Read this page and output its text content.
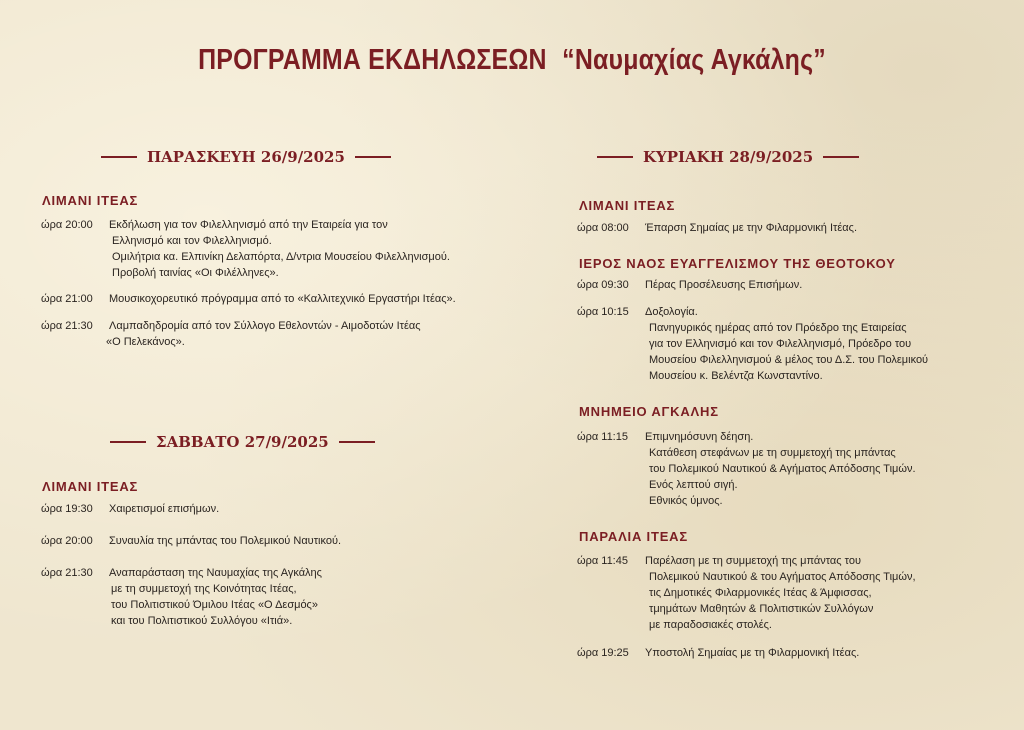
ΠΡΟΓΡΑΜΜΑ ΕΚΔΗΛΩΣΕΩΝ “Ναυμαχίας Αγκάλης”
ΠΑΡΑΣΚΕΥΗ 26/9/2025
ΛΙΜΑΝΙ ΙΤΕΑΣ
ώρα 20:00	Εκδήλωση για τον Φιλελληνισμό από την Εταιρεία για τον
Ελληνισμό και τον Φιλελληνισμό.
Ομιλήτρια κα. Ελπινίκη Δελαπόρτα, Δ/ντρια Μουσείου Φιλελληνισμού.
Προβολή ταινίας «Οι Φιλέλληνες».
ώρα 21:00	Μουσικοχορευτικό πρόγραμμα από το «Καλλιτεχνικό Εργαστήρι Ιτέας».
ώρα 21:30	Λαμπαδηδρομία από τον Σύλλογο Εθελοντών - Αιμοδοτών Ιτέας
«Ο Πελεκάνος».
ΣΑΒΒΑΤΟ 27/9/2025
ΛΙΜΑΝΙ ΙΤΕΑΣ
ώρα 19:30	Χαιρετισμοί επισήμων.
ώρα 20:00	Συναυλία της μπάντας του Πολεμικού Ναυτικού.
ώρα 21:30	Αναπαράσταση της Ναυμαχίας της Αγκάλης
με τη συμμετοχή της Κοινότητας Ιτέας,
του Πολιτιστικού Όμιλου Ιτέας «Ο Δεσμός»
και του Πολιτιστικού Συλλόγου «Ιτιά».
ΚΥΡΙΑΚΗ 28/9/2025
ΛΙΜΑΝΙ ΙΤΕΑΣ
ώρα 08:00	Έπαρση Σημαίας με την Φιλαρμονική Ιτέας.
ΙΕΡΟΣ ΝΑΟΣ ΕΥΑΓΓΕΛΙΣΜΟΥ ΤΗΣ ΘΕΟΤΟΚΟΥ
ώρα 09:30	Πέρας Προσέλευσης Επισήμων.
ώρα 10:15	Δοξολογία.
Πανηγυρικός ημέρας από τον Πρόεδρο της Εταιρείας
για τον Ελληνισμό και τον Φιλελληνισμό, Πρόεδρο του
Μουσείου Φιλελληνισμού & μέλος του Δ.Σ. του Πολεμικού
Μουσείου κ. Βελέντζα Κωνσταντίνο.
ΜΝΗΜΕΙΟ ΑΓΚΑΛΗΣ
ώρα 11:15	Επιμνημόσυνη δέηση.
Κατάθεση στεφάνων με τη συμμετοχή της μπάντας
του Πολεμικού Ναυτικού & Αγήματος Απόδοσης Τιμών.
Ενός λεπτού σιγή.
Εθνικός ύμνος.
ΠΑΡΑΛΙΑ ΙΤΕΑΣ
ώρα 11:45	Παρέλαση με τη συμμετοχή της μπάντας του
Πολεμικού Ναυτικού & του Αγήματος Απόδοσης Τιμών,
τις Δημοτικές Φιλαρμονικές Ιτέας & Άμφισσας,
τμημάτων Μαθητών & Πολιτιστικών Συλλόγων
με παραδοσιακές στολές.
ώρα 19:25	Υποστολή Σημαίας με τη Φιλαρμονική Ιτέας.
